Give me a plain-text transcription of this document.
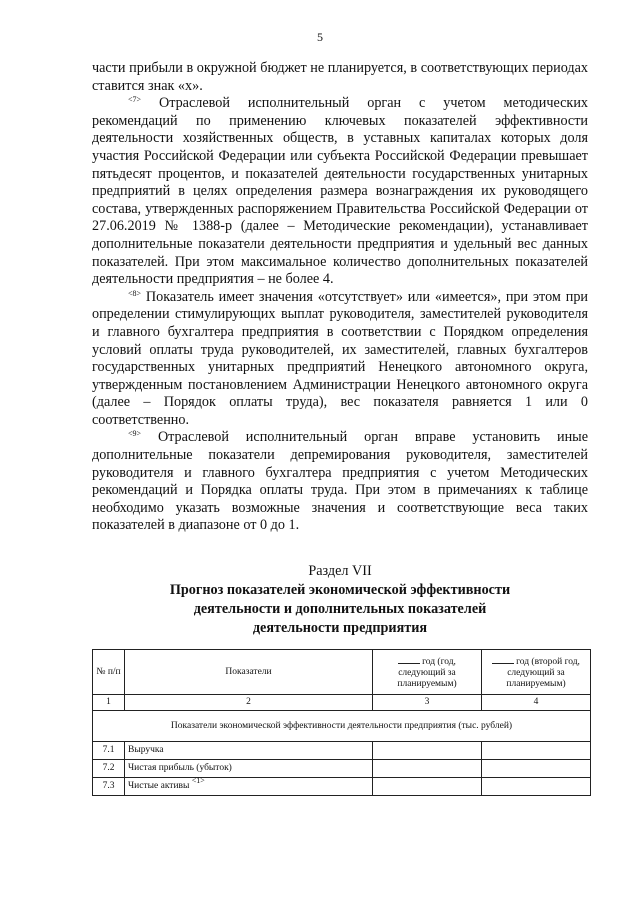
5

части прибыли в окружной бюджет не планируется, в соответствующих периодах ставится знак «х».

$^{<7>}$ Отраслевой исполнительный орган с учетом методических рекомендаций по применению ключевых показателей эффективности деятельности хозяйственных обществ, в уставных капиталах которых доля участия Российской Федерации или субъекта Российской Федерации превышает пятьдесят процентов, и показателей деятельности государственных унитарных предприятий в целях определения размера вознаграждения их руководящего состава, утвержденных распоряжением Правительства Российской Федерации от 27.06.2019 № 1388-р (далее – Методические рекомендации), устанавливает дополнительные показатели деятельности предприятия и удельный вес данных показателей. При этом максимальное количество дополнительных показателей деятельности предприятия – не более 4.

$^{<8>}$ Показатель имеет значения «отсутствует» или «имеется», при этом при определении стимулирующих выплат руководителя, заместителей руководителя и главного бухгалтера предприятия в соответствии с Порядком определения условий оплаты труда руководителей, их заместителей, главных бухгалтеров государственных унитарных предприятий Ненецкого автономного округа, утвержденным постановлением Администрации Ненецкого автономного округа (далее – Порядок оплаты труда), вес показателя равняется 1 или 0 соответственно.

$^{<9>}$ Отраслевой исполнительный орган вправе установить иные дополнительные показатели депремирования руководителя, заместителей руководителя и главного бухгалтера предприятия с учетом Методических рекомендаций и Порядка оплаты труда. При этом в примечаниях к таблице необходимо указать возможные значения и соответствующие веса таких показателей в диапазоне от 0 до 1.

Раздел VII
Прогноз показателей экономической эффективности
деятельности и дополнительных показателей
деятельности предприятия
№ п/п	Показатели	год (год, следующий за планируемым)	год (второй год, следующий за планируемым)
1	2	3	4
Показатели экономической эффективности деятельности предприятия (тыс. рублей)			
7.1	Выручка		
7.2	Чистая прибыль (убыток)		
7.3	Чистые активы $^{<1>}$		
